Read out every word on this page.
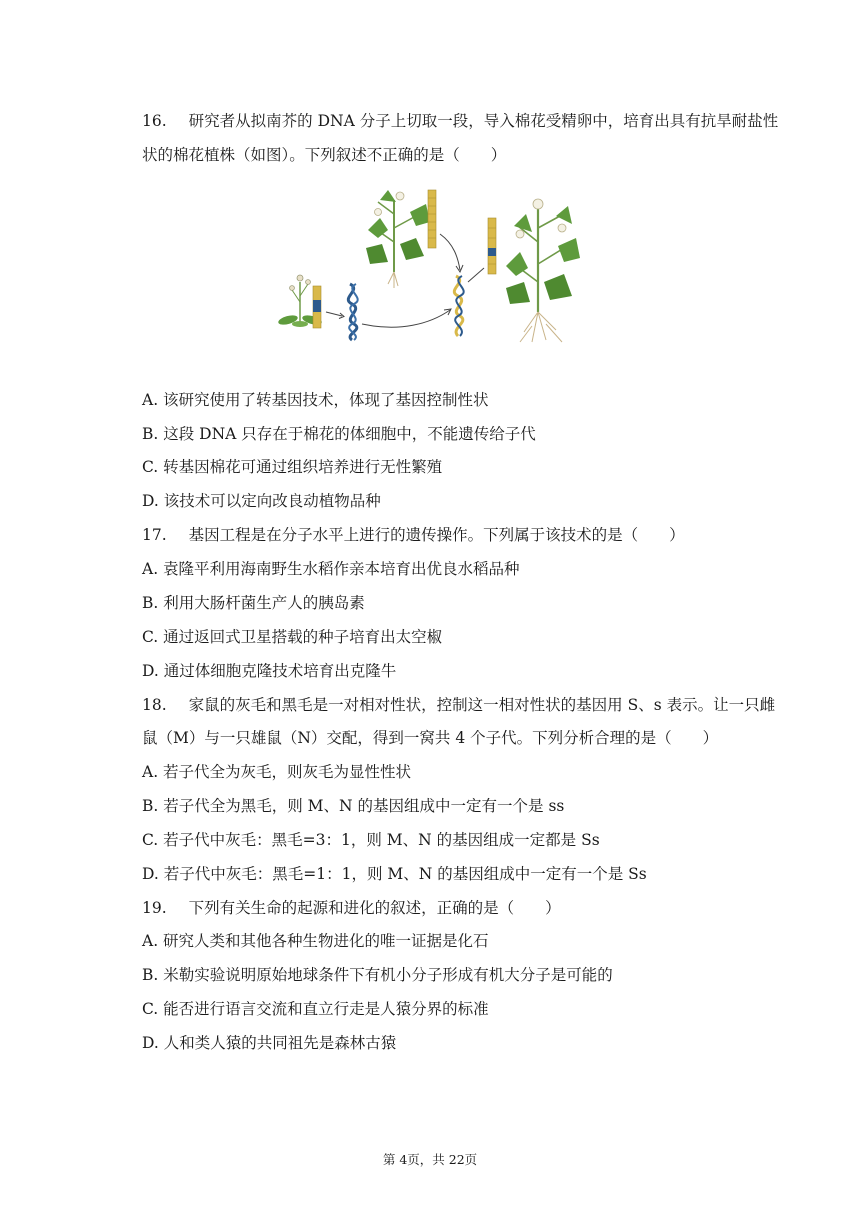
16. 研究者从拟南芥的 DNA 分子上切取一段，导入棉花受精卵中，培育出具有抗旱耐盐性
状的棉花植株（如图）。下列叙述不正确的是（　　）
A. 该研究使用了转基因技术，体现了基因控制性状
B. 这段 DNA 只存在于棉花的体细胞中，不能遗传给子代
C. 转基因棉花可通过组织培养进行无性繁殖
D. 该技术可以定向改良动植物品种
17. 基因工程是在分子水平上进行的遗传操作。下列属于该技术的是（　　）
A. 袁隆平利用海南野生水稻作亲本培育出优良水稻品种
B. 利用大肠杆菌生产人的胰岛素
C. 通过返回式卫星搭载的种子培育出太空椒
D. 通过体细胞克隆技术培育出克隆牛
18. 家鼠的灰毛和黑毛是一对相对性状，控制这一相对性状的基因用 S、s 表示。让一只雌
鼠（M）与一只雄鼠（N）交配，得到一窝共 4 个子代。下列分析合理的是（　　）
A. 若子代全为灰毛，则灰毛为显性性状
B. 若子代全为黑毛，则 M、N 的基因组成中一定有一个是 ss
C. 若子代中灰毛：黑毛=3：1，则 M、N 的基因组成一定都是 Ss
D. 若子代中灰毛：黑毛=1：1，则 M、N 的基因组成中一定有一个是 Ss
19. 下列有关生命的起源和进化的叙述，正确的是（　　）
A. 研究人类和其他各种生物进化的唯一证据是化石
B. 米勒实验说明原始地球条件下有机小分子形成有机大分子是可能的
C. 能否进行语言交流和直立行走是人猿分界的标准
D. 人和类人猿的共同祖先是森林古猿
第 4页，共 22页
